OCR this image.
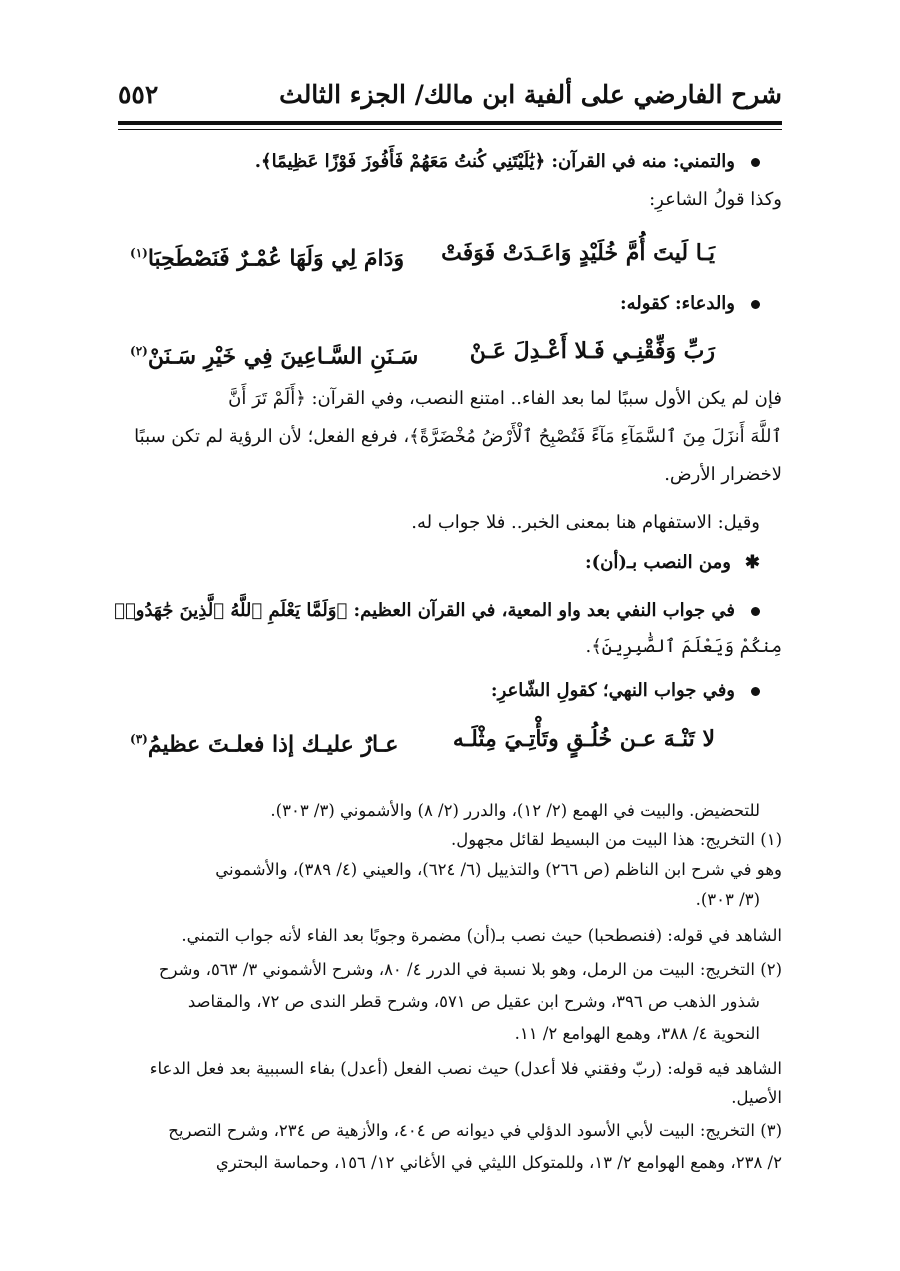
شرح الفارضي على ألفية ابن مالك/ الجزء الثالث
٥٥٢
والتمني: منه في القرآن: ﴿يَٰلَيْتَنِي كُنتُ مَعَهُمْ فَأَفُوزَ فَوْزًا عَظِيمًا﴾.
وكذا قولُ الشاعرِ:
يَـا لَيتَ أُمَّ خُلَيْدٍ وَاعَـدَتْ فَوَفَتْ
وَدَامَ لِي وَلَهَا عُمْـرٌ فَنَصْطَحِبَا$^{(١)}$
والدعاء: كقوله:
رَبِّ وَفِّقْنِـي فَـلا أَعْـدِلَ عَـنْ
سَـنَنِ السَّـاعِينَ فِي خَيْرِ سَـنَنْ$^{(٢)}$
فإن لم يكن الأول سببًا لما بعد الفاء.. امتنع النصب، وفي القرآن: ﴿أَلَمْ تَرَ أَنَّ
ٱللَّهَ أَنزَلَ مِنَ ٱلسَّمَآءِ مَآءً فَتُصْبِحُ ٱلْأَرْضُ مُخْضَرَّةً﴾، فرفع الفعل؛ لأن الرؤية لم تكن سببًا
لاخضرار الأرض.
وقيل: الاستفهام هنا بمعنى الخبر.. فلا جواب له.
✱ومن النصب بـ(أن):
في جواب النفي بعد واو المعية، في القرآن العظيم: ﴿وَلَمَّا يَعْلَمِ ٱللَّهُ ٱلَّذِينَ جَٰهَدُوا۟
مِنكُمْ وَيَعْلَمَ ٱلصَّٰبِرِينَ﴾.
وفي جواب النهي؛ كقولِ الشّاعرِ:
لا تَنْـهَ عـن خُلُـقٍ وتَأْتِـيَ مِثْلَـه
عـارٌ عليـك إذا فعلـتَ عظيمُ$^{(٣)}$
للتحضيض. والبيت في الهمع (٢/ ١٢)، والدرر (٢/ ٨) والأشموني (٣/ ٣٠٣).
(١) التخريج: هذا البيت من البسيط لقائل مجهول.
وهو في شرح ابن الناظم (ص ٢٦٦) والتذييل (٦/ ٦٢٤)، والعيني (٤/ ٣٨٩)، والأشموني
(٣/ ٣٠٣).
الشاهد في قوله: (فنصطحبا) حيث نصب بـ(أن) مضمرة وجوبًا بعد الفاء لأنه جواب التمني.
(٢) التخريج: البيت من الرمل، وهو بلا نسبة في الدرر ٤/ ٨٠، وشرح الأشموني ٣/ ٥٦٣، وشرح
شذور الذهب ص ٣٩٦، وشرح ابن عقيل ص ٥٧١، وشرح قطر الندى ص ٧٢، والمقاصد
النحوية ٤/ ٣٨٨، وهمع الهوامع ٢/ ١١.
الشاهد فيه قوله: (ربّ وفقني فلا أعدل) حيث نصب الفعل (أعدل) بفاء السببية بعد فعل الدعاء
الأصيل.
(٣) التخريج: البيت لأبي الأسود الدؤلي في ديوانه ص ٤٠٤، والأزهية ص ٢٣٤، وشرح التصريح
٢/ ٢٣٨، وهمع الهوامع ٢/ ١٣، وللمتوكل الليثي في الأغاني ١٢/ ١٥٦، وحماسة البحتري
